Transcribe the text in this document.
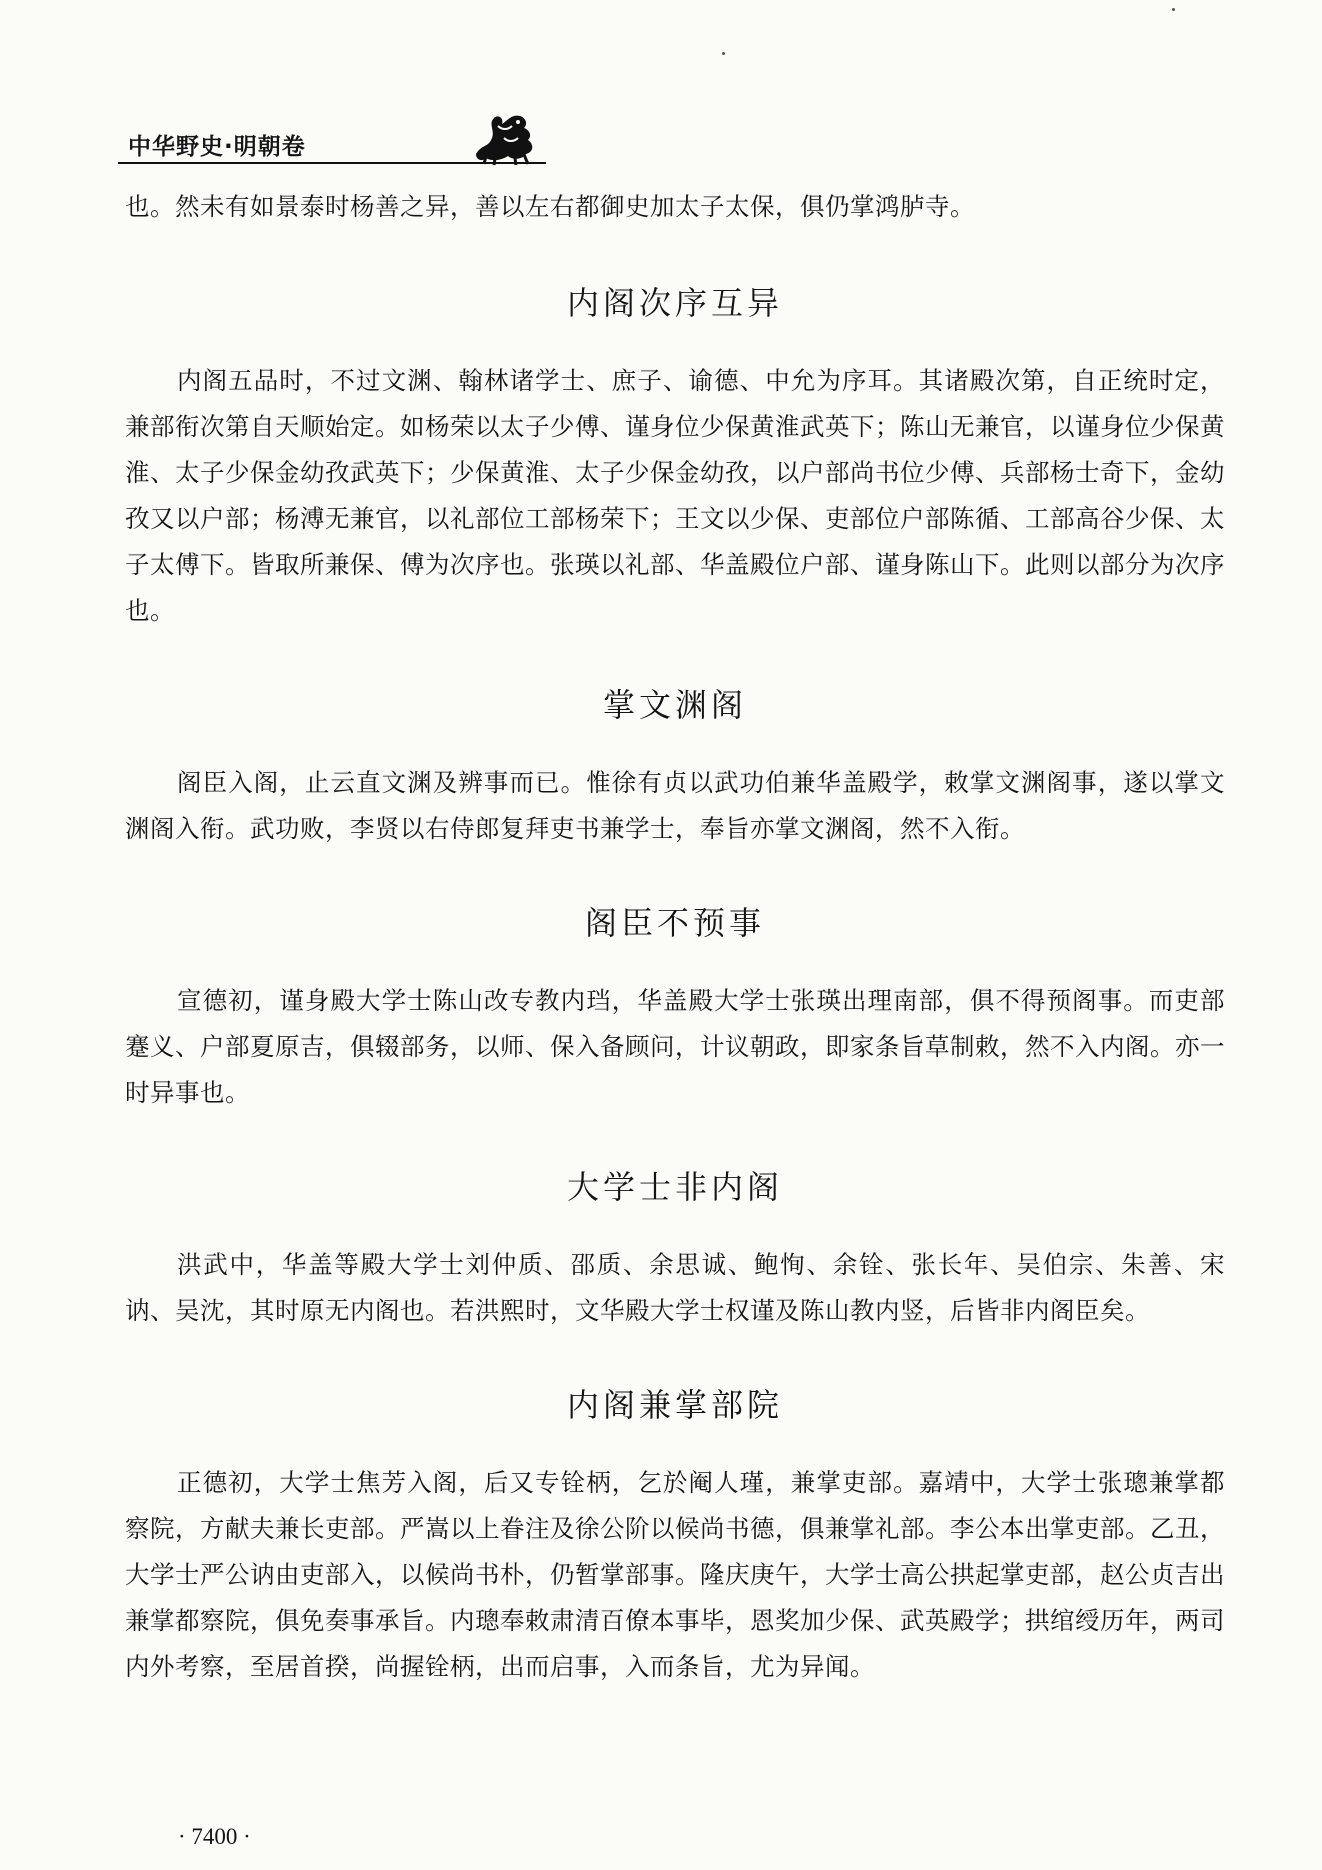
中华野史·明朝卷

也。然未有如景泰时杨善之异，善以左右都御史加太子太保，俱仍掌鸿胪寺。

内阁次序互异

内阁五品时，不过文渊、翰林诸学士、庶子、谕德、中允为序耳。其诸殿次第，自正统时定，兼部衔次第自天顺始定。如杨荣以太子少傅、谨身位少保黄淮武英下；陈山无兼官，以谨身位少保黄淮、太子少保金幼孜武英下；少保黄淮、太子少保金幼孜，以户部尚书位少傅、兵部杨士奇下，金幼孜又以户部；杨溥无兼官，以礼部位工部杨荣下；王文以少保、吏部位户部陈循、工部高谷少保、太子太傅下。皆取所兼保、傅为次序也。张瑛以礼部、华盖殿位户部、谨身陈山下。此则以部分为次序也。

掌文渊阁

阁臣入阁，止云直文渊及辨事而已。惟徐有贞以武功伯兼华盖殿学，敕掌文渊阁事，遂以掌文渊阁入衔。武功败，李贤以右侍郎复拜吏书兼学士，奉旨亦掌文渊阁，然不入衔。

阁臣不预事

宣德初，谨身殿大学士陈山改专教内珰，华盖殿大学士张瑛出理南部，俱不得预阁事。而吏部蹇义、户部夏原吉，俱辍部务，以师、保入备顾问，计议朝政，即家条旨草制敕，然不入内阁。亦一时异事也。

大学士非内阁

洪武中，华盖等殿大学士刘仲质、邵质、余思诚、鲍恂、余铨、张长年、吴伯宗、朱善、宋讷、吴沈，其时原无内阁也。若洪熙时，文华殿大学士权谨及陈山教内竖，后皆非内阁臣矣。

内阁兼掌部院

正德初，大学士焦芳入阁，后又专铨柄，乞於阉人瑾，兼掌吏部。嘉靖中，大学士张璁兼掌都察院，方献夫兼长吏部。严嵩以上眷注及徐公阶以候尚书德，俱兼掌礼部。李公本出掌吏部。乙丑，大学士严公讷由吏部入，以候尚书朴，仍暂掌部事。隆庆庚午，大学士高公拱起掌吏部，赵公贞吉出兼掌都察院，俱免奏事承旨。内璁奉敕肃清百僚本事毕，恩奖加少保、武英殿学；拱绾绶历年，两司内外考察，至居首揆，尚握铨柄，出而启事，入而条旨，尤为异闻。

· 7400 ·
